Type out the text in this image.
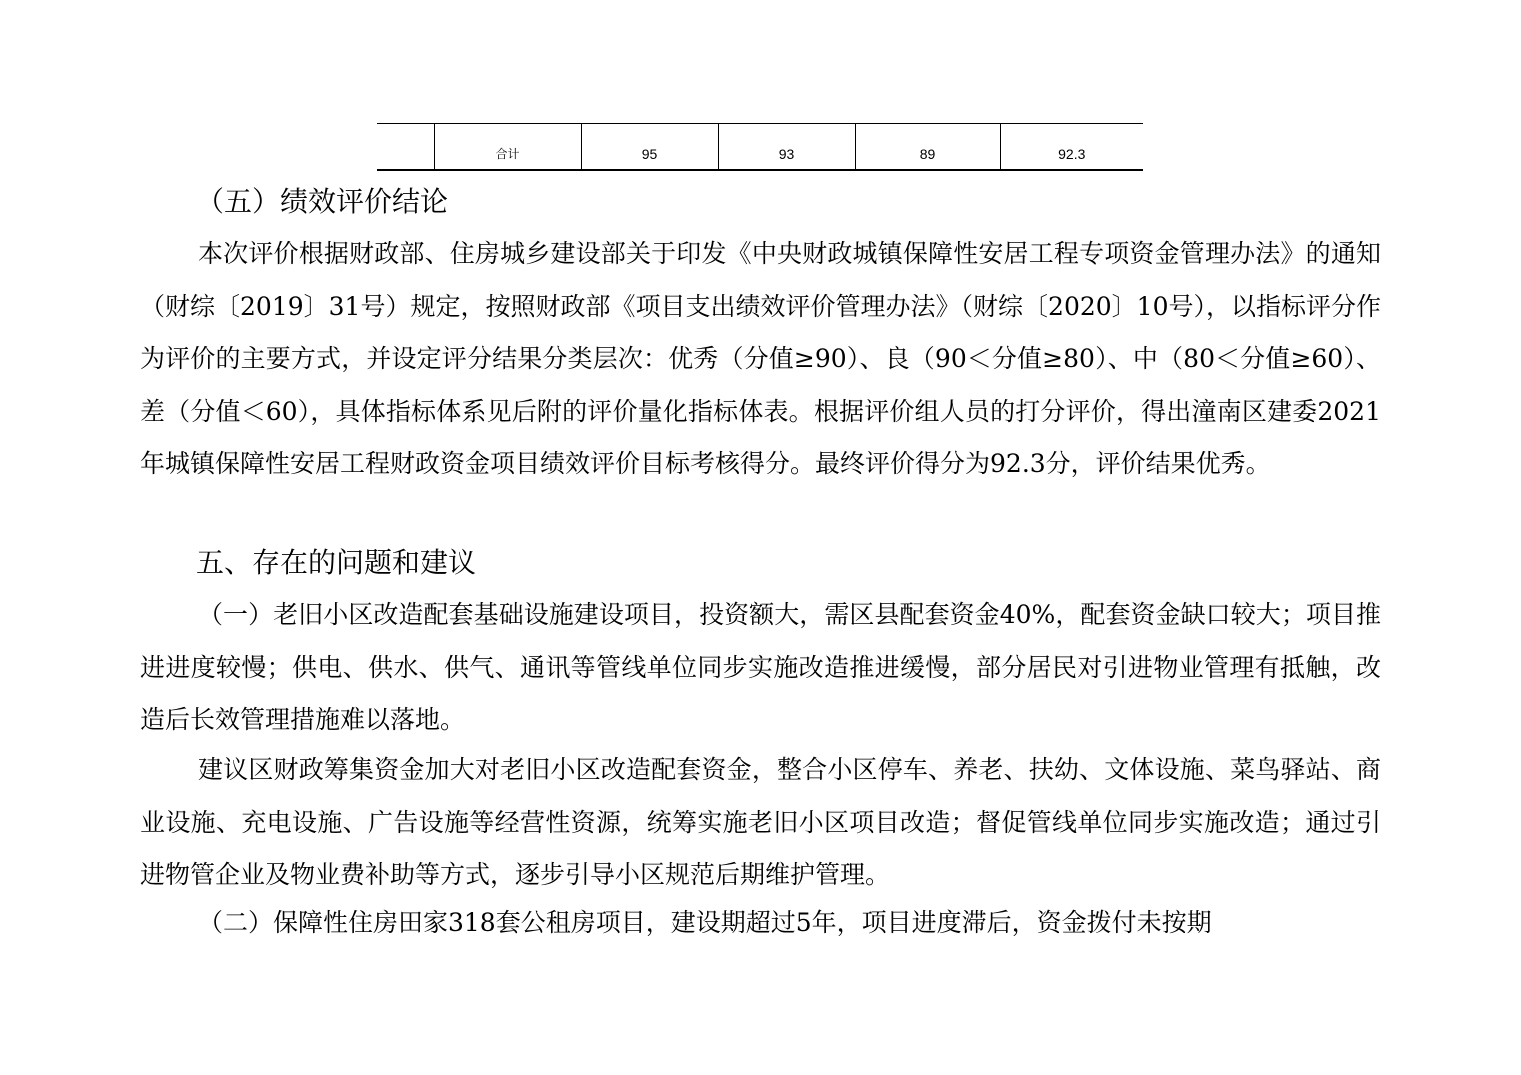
	合计	95	93	89	92.3
（五）绩效评价结论

本次评价根据财政部、住房城乡建设部关于印发《中央财政城镇保障性安居工程专项资金管理办法》的通知（财综〔2019〕31号）规定，按照财政部《项目支出绩效评价管理办法》（财综〔2020〕10号），以指标评分作为评价的主要方式，并设定评分结果分类层次：优秀（分值≥90）、良（90＜分值≥80）、中（80＜分值≥60）、差（分值＜60），具体指标体系见后附的评价量化指标体表。根据评价组人员的打分评价，得出潼南区建委2021年城镇保障性安居工程财政资金项目绩效评价目标考核得分。最终评价得分为92.3分，评价结果优秀。

五、存在的问题和建议

（一）老旧小区改造配套基础设施建设项目，投资额大，需区县配套资金40%，配套资金缺口较大；项目推进进度较慢；供电、供水、供气、通讯等管线单位同步实施改造推进缓慢，部分居民对引进物业管理有抵触，改造后长效管理措施难以落地。

建议区财政筹集资金加大对老旧小区改造配套资金，整合小区停车、养老、扶幼、文体设施、菜鸟驿站、商业设施、充电设施、广告设施等经营性资源，统筹实施老旧小区项目改造；督促管线单位同步实施改造；通过引进物管企业及物业费补助等方式，逐步引导小区规范后期维护管理。

（二）保障性住房田家318套公租房项目，建设期超过5年，项目进度滞后，资金拨付未按期
